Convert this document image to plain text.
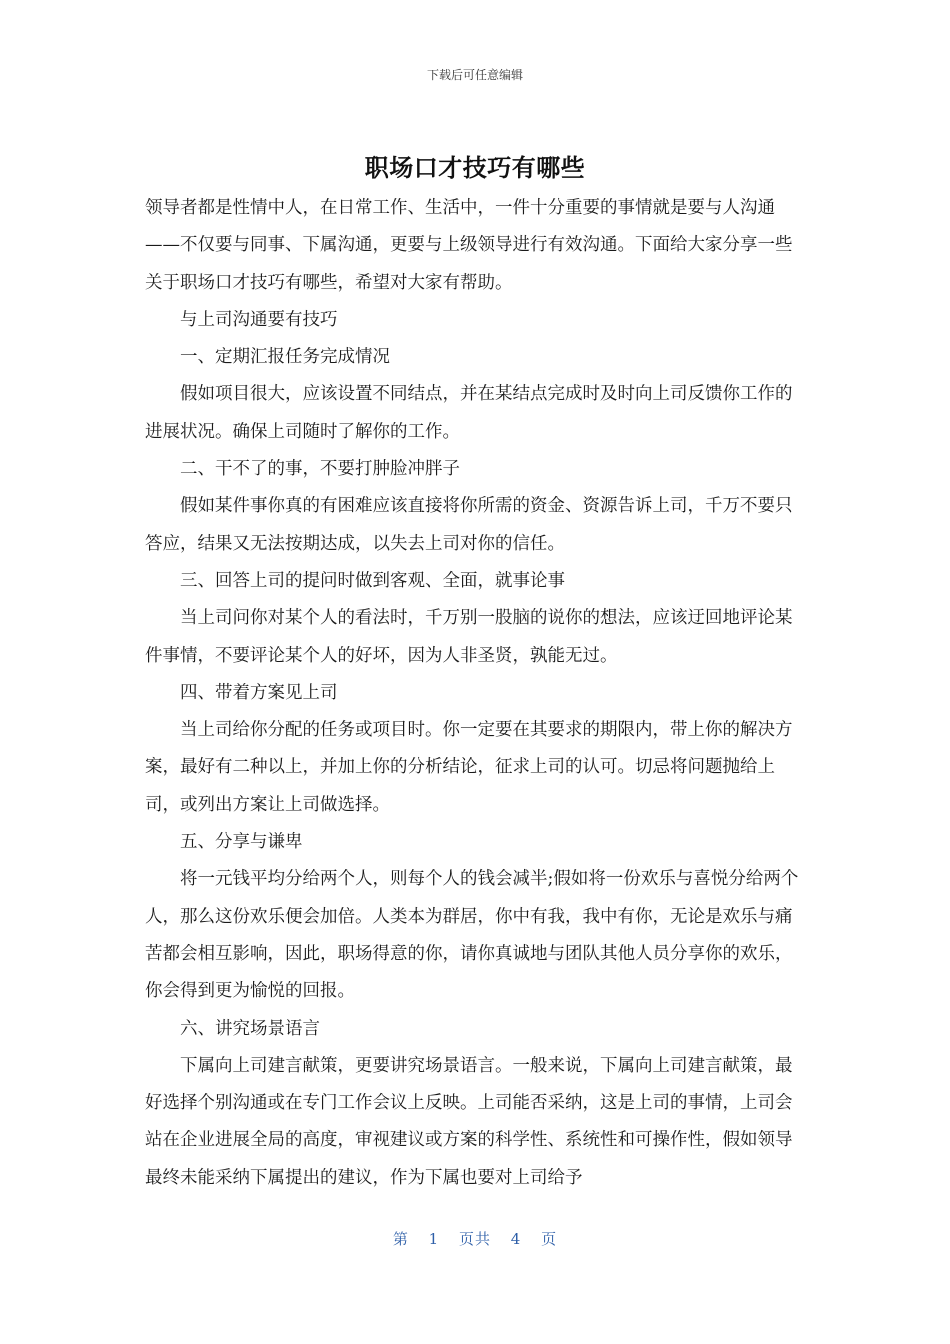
下载后可任意编辑
职场口才技巧有哪些

领导者都是性情中人，在日常工作、生活中，一件十分重要的事情就是要与人沟通——不仅要与同事、下属沟通，更要与上级领导进行有效沟通。下面给大家分享一些关于职场口才技巧有哪些，希望对大家有帮助。

与上司沟通要有技巧

一、定期汇报任务完成情况

假如项目很大，应该设置不同结点，并在某结点完成时及时向上司反馈你工作的进展状况。确保上司随时了解你的工作。

二、干不了的事，不要打肿脸冲胖子

假如某件事你真的有困难应该直接将你所需的资金、资源告诉上司，千万不要只答应，结果又无法按期达成，以失去上司对你的信任。

三、回答上司的提问时做到客观、全面，就事论事

当上司问你对某个人的看法时，千万别一股脑的说你的想法，应该迂回地评论某件事情，不要评论某个人的好坏，因为人非圣贤，孰能无过。

四、带着方案见上司

当上司给你分配的任务或项目时。你一定要在其要求的期限内，带上你的解决方案，最好有二种以上，并加上你的分析结论，征求上司的认可。切忌将问题抛给上司，或列出方案让上司做选择。

五、分享与谦卑

将一元钱平均分给两个人，则每个人的钱会减半;假如将一份欢乐与喜悦分给两个人，那么这份欢乐便会加倍。人类本为群居，你中有我，我中有你，无论是欢乐与痛苦都会相互影响，因此，职场得意的你，请你真诚地与团队其他人员分享你的欢乐，你会得到更为愉悦的回报。

六、讲究场景语言

下属向上司建言献策，更要讲究场景语言。一般来说，下属向上司建言献策，最好选择个别沟通或在专门工作会议上反映。上司能否采纳，这是上司的事情，上司会站在企业进展全局的高度，审视建议或方案的科学性、系统性和可操作性，假如领导最终未能采纳下属提出的建议，作为下属也要对上司给予

第 1 页共 4 页
